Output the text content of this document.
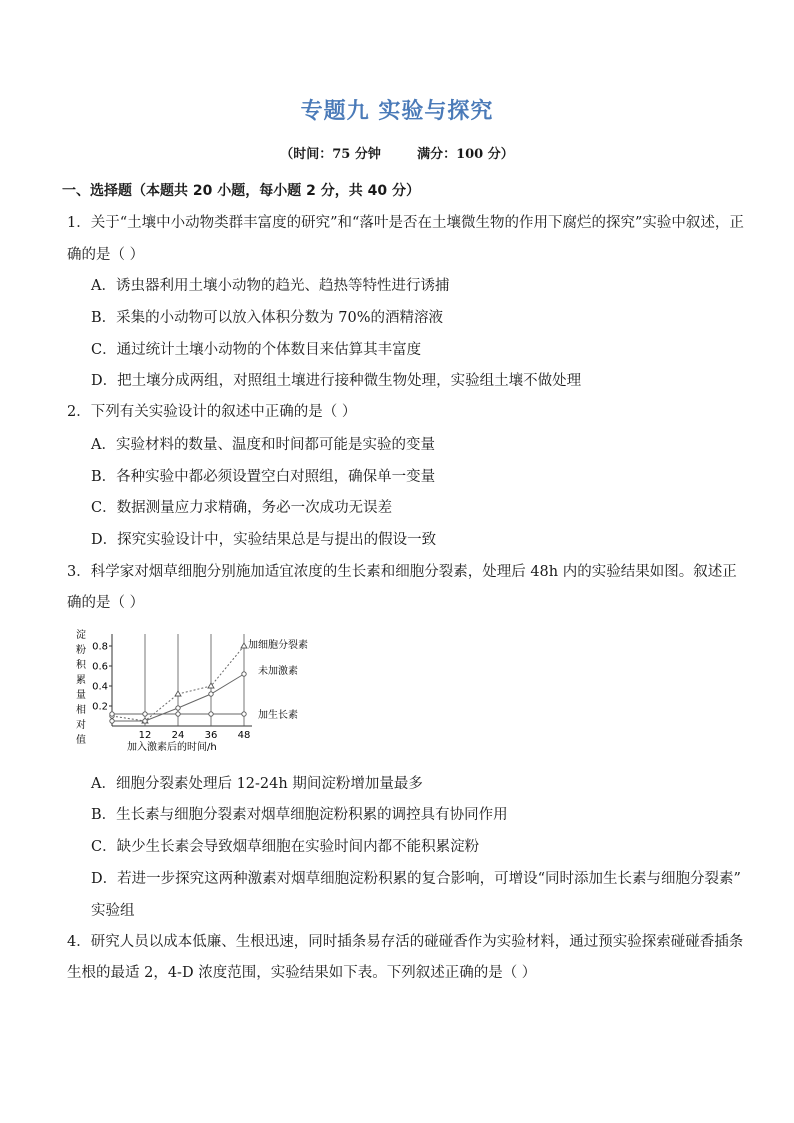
专题九 实验与探究
（时间：75 分钟        满分：100 分）
一、选择题（本题共 20 小题，每小题 2 分，共 40 分）
1．关于“土壤中小动物类群丰富度的研究”和“落叶是否在土壤微生物的作用下腐烂的探究”实验中叙述，正
确的是（ ）
A．诱虫器利用土壤小动物的趋光、趋热等特性进行诱捕
B．采集的小动物可以放入体积分数为 70%的酒精溶液
C．通过统计土壤小动物的个体数目来估算其丰富度
D．把土壤分成两组，对照组土壤进行接种微生物处理，实验组土壤不做处理
2．下列有关实验设计的叙述中正确的是（ ）
A．实验材料的数量、温度和时间都可能是实验的变量
B．各种实验中都必须设置空白对照组，确保单一变量
C．数据测量应力求精确，务必一次成功无误差
D．探究实验设计中，实验结果总是与提出的假设一致
3．科学家对烟草细胞分别施加适宜浓度的生长素和细胞分裂素，处理后 48h 内的实验结果如图。叙述正
确的是（ ）
淀
粉
积
累
量
相
对
值
0.2
0.4
0.6
0.8
12 24 36 48
加细胞分裂素
未加激素
加生长素
加入激素后的时间/h
A．细胞分裂素处理后 12-24h 期间淀粉增加量最多
B．生长素与细胞分裂素对烟草细胞淀粉积累的调控具有协同作用
C．缺少生长素会导致烟草细胞在实验时间内都不能积累淀粉
D．若进一步探究这两种激素对烟草细胞淀粉积累的复合影响，可增设“同时添加生长素与细胞分裂素”
实验组
4．研究人员以成本低廉、生根迅速，同时插条易存活的碰碰香作为实验材料，通过预实验探索碰碰香插条
生根的最适 2，4-D 浓度范围，实验结果如下表。下列叙述正确的是（ ）
